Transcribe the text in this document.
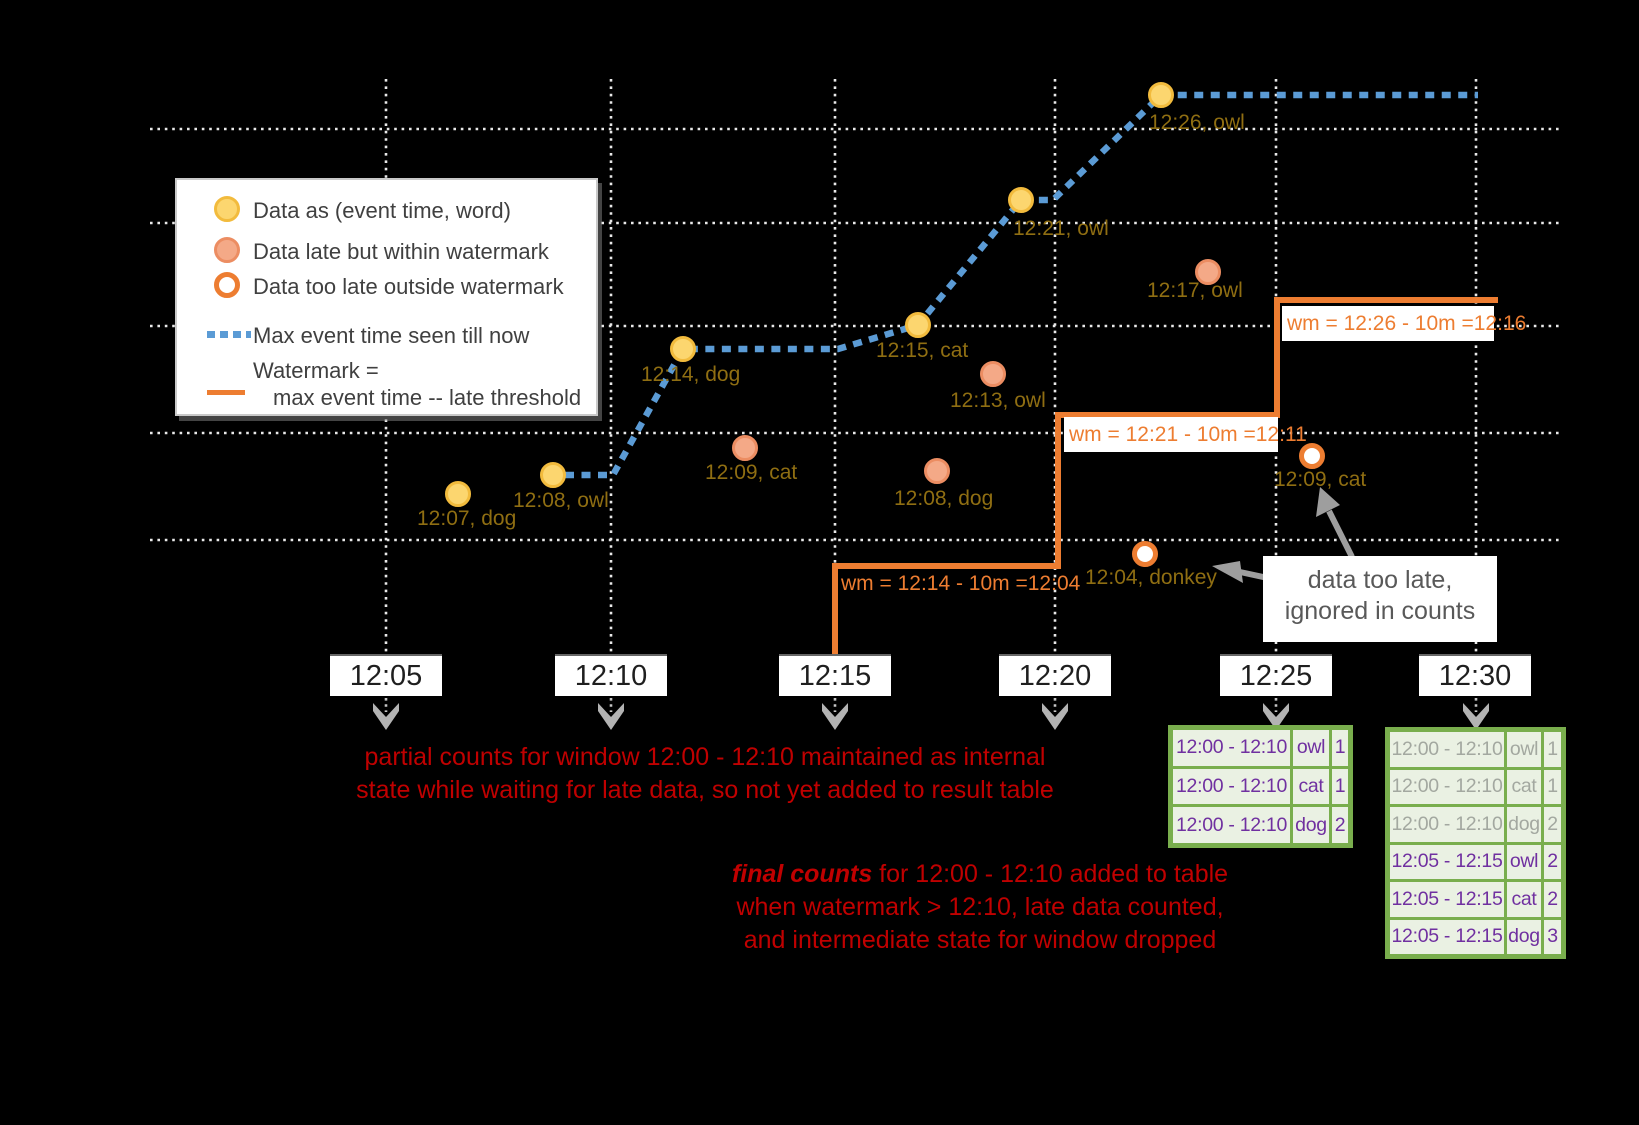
Data as (event time, word)
Data late but within watermark
Data too late outside watermark
Max event time seen till now
Watermark =
max event time -- late threshold
12:05	12:10	12:15	12:20	12:25	12:30
12:07, dog
12:08, owl
12:14, dog
12:15, cat
12:21, owl
12:26, owl
12:09, cat
12:08, dog
12:13, owl
12:17, owl
12:04, donkey
12:09, cat
wm = 12:14 - 10m =12:04
wm = 12:21 - 10m =12:11
wm = 12:26 - 10m =12:16
data too late,
ignored in counts
partial counts for window 12:00 - 12:10 maintained as internal
state while waiting for late data, so not yet added to result table
final counts for 12:00 - 12:10 added to table
when watermark > 12:10, late data counted,
and intermediate state for window dropped
12:00 - 12:10 owl 1
12:00 - 12:10 cat 1
12:00 - 12:10 dog 2
12:00 - 12:10 owl 1
12:00 - 12:10 cat 1
12:00 - 12:10 dog 2
12:05 - 12:15 owl 2
12:05 - 12:15 cat 2
12:05 - 12:15 dog 3
